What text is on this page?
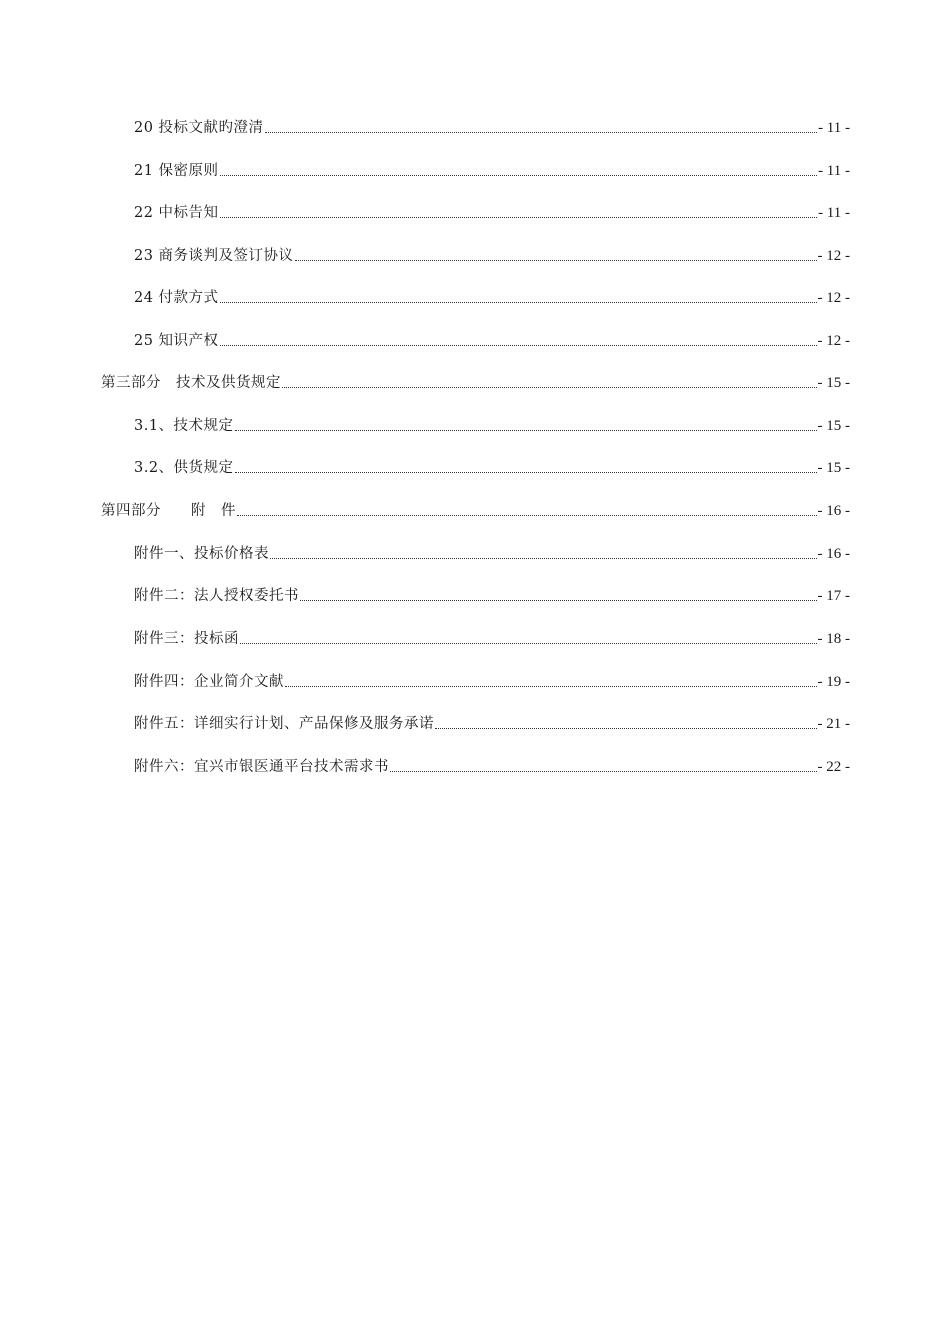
20 投标文献旳澄清	- 11 -
21 保密原则	- 11 -
22 中标告知	- 11 -
23 商务谈判及签订协议	- 12 -
24 付款方式	- 12 -
25 知识产权	- 12 -
第三部分　技术及供货规定	- 15 -
3.1、技术规定	- 15 -
3.2、供货规定	- 15 -
第四部分　　附　件	- 16 -
附件一、投标价格表	- 16 -
附件二：法人授权委托书	- 17 -
附件三：投标函	- 18 -
附件四：企业简介文献	- 19 -
附件五：详细实行计划、产品保修及服务承诺	- 21 -
附件六：宜兴市银医通平台技术需求书	- 22 -
